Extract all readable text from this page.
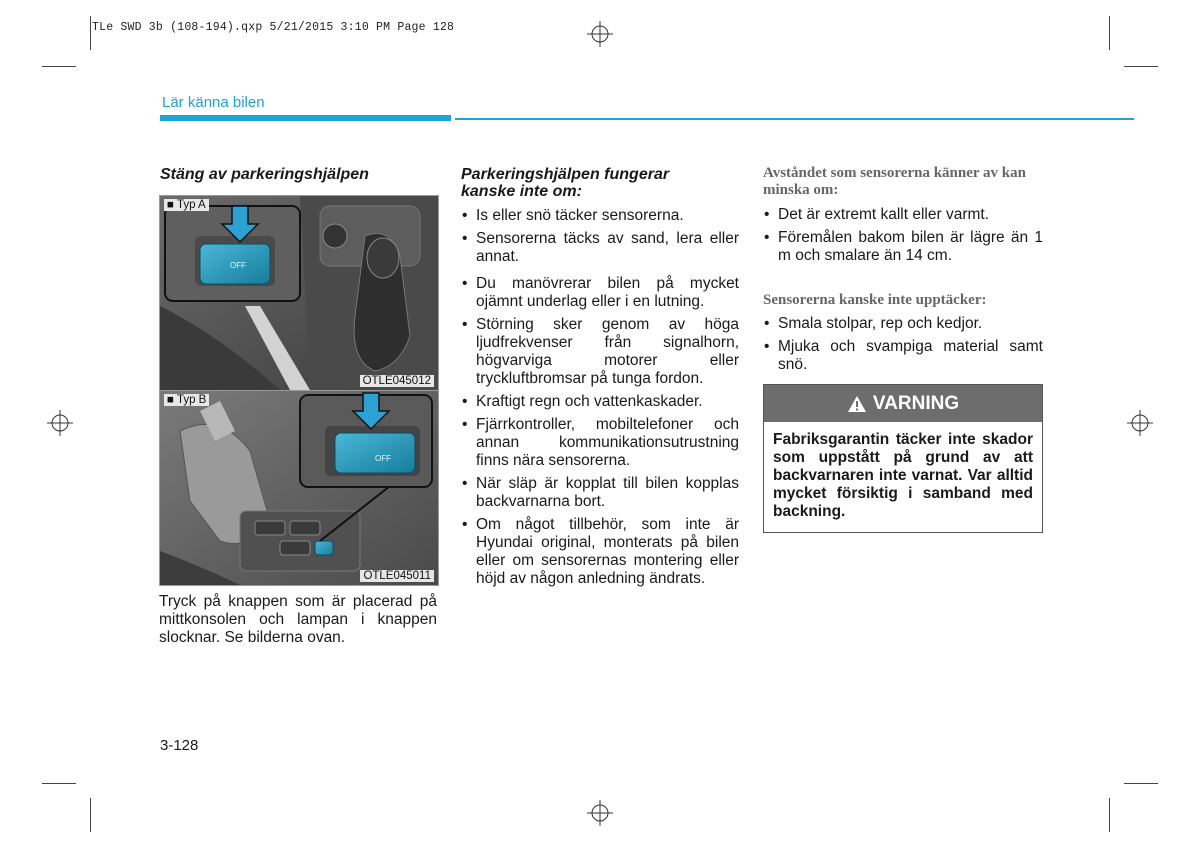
TLe SWD 3b (108-194).qxp 5/21/2015 3:10 PM Page 128
Lär känna bilen
Stäng av parkeringshjälpen
OFF
■ Typ A
OTLE045012
OFF
■ Typ B
OTLE045011
Tryck på knappen som är placerad på mittkonsolen och lampan i knappen slocknar. Se bilderna ovan.
Parkeringshjälpen fungerar kanske inte om:
• Is eller snö täcker sensorerna.
• Sensorerna täcks av sand, lera eller annat.
• Du manövrerar bilen på mycket ojämnt underlag eller i en lutning.
• Störning sker genom av höga ljudfrekvenser från signalhorn, högvarviga motorer eller tryckluftbromsar på tunga fordon.
• Kraftigt regn och vattenkaskader.
• Fjärrkontroller, mobiltelefoner och annan kommunikationsutrustning finns nära sensorerna.
• När släp är kopplat till bilen kopplas backvarnarna bort.
• Om något tillbehör, som inte är Hyundai original, monterats på bilen eller om sensorernas montering eller höjd av någon anledning ändrats.
Avståndet som sensorerna känner av kan minska om:
• Det är extremt kallt eller varmt.
• Föremålen bakom bilen är lägre än 1 m och smalare än 14 cm.
Sensorerna kanske inte upptäcker:
• Smala stolpar, rep och kedjor.
• Mjuka och svampiga material samt snö.
VARNING
Fabriksgarantin täcker inte skador som uppstått på grund av att backvarnaren inte varnat. Var alltid mycket försiktig i samband med backning.
3-128
